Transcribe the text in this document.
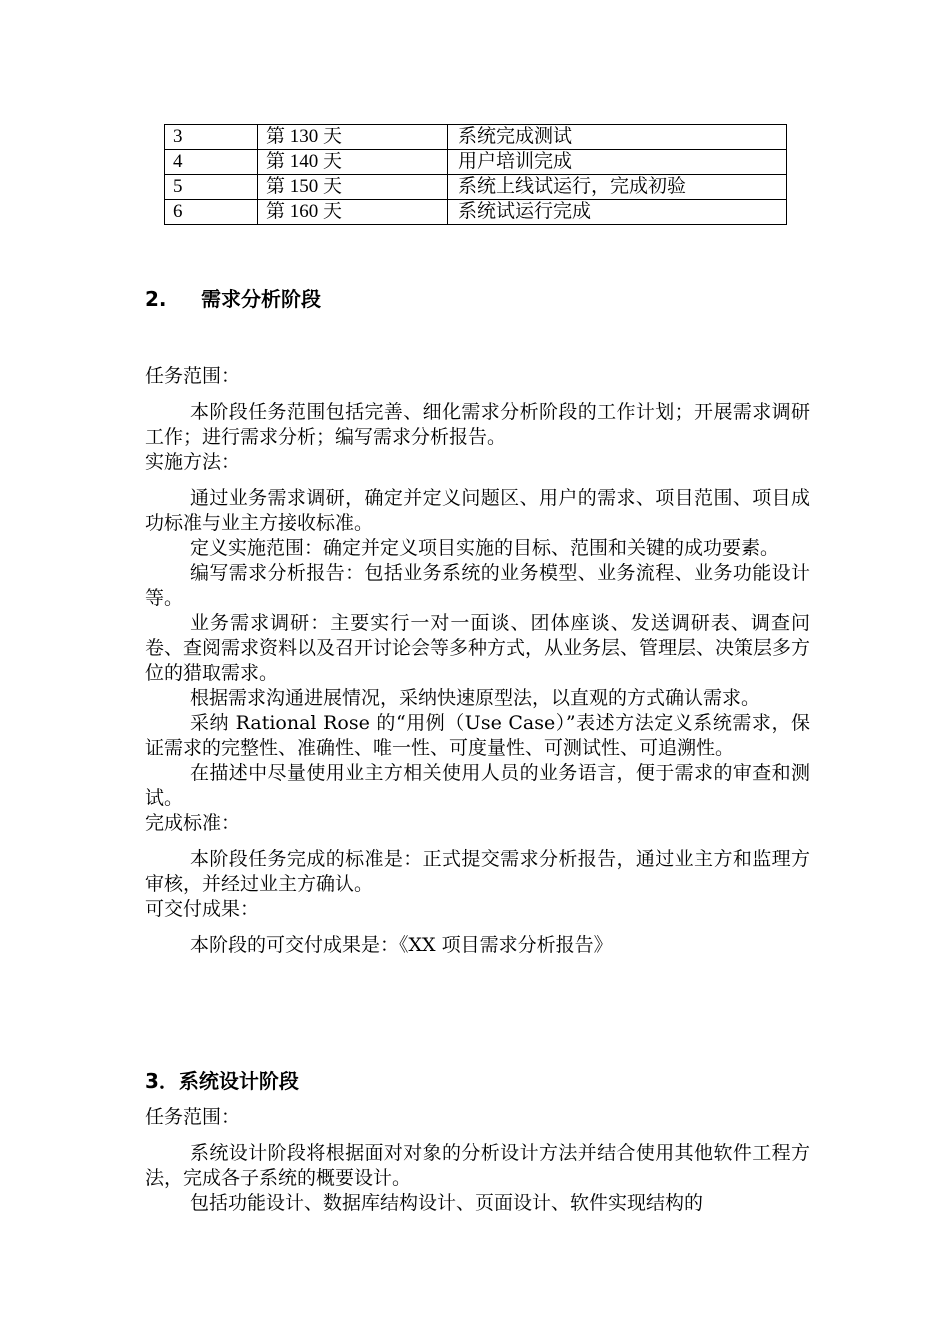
3	第 130 天	系统完成测试
4	第 140 天	用户培训完成
5	第 150 天	系统上线试运行，完成初验
6	第 160 天	系统试运行完成
2. 需求分析阶段

任务范围：

本阶段任务范围包括完善、细化需求分析阶段的工作计划；开展需求调研工作；进行需求分析；编写需求分析报告。

实施方法：

通过业务需求调研，确定并定义问题区、用户的需求、项目范围、项目成功标准与业主方接收标准。

定义实施范围：确定并定义项目实施的目标、范围和关键的成功要素。

编写需求分析报告：包括业务系统的业务模型、业务流程、业务功能设计等。

业务需求调研：主要实行一对一面谈、团体座谈、发送调研表、调查问卷、查阅需求资料以及召开讨论会等多种方式，从业务层、管理层、决策层多方位的猎取需求。

根据需求沟通进展情况，采纳快速原型法，以直观的方式确认需求。

采纳 Rational Rose 的“用例（Use Case）”表述方法定义系统需求，保证需求的完整性、准确性、唯一性、可度量性、可测试性、可追溯性。

在描述中尽量使用业主方相关使用人员的业务语言，便于需求的审查和测试。

完成标准：

本阶段任务完成的标准是：正式提交需求分析报告，通过业主方和监理方审核，并经过业主方确认。

可交付成果：

本阶段的可交付成果是：《XX 项目需求分析报告》

3．系统设计阶段

任务范围：

系统设计阶段将根据面对对象的分析设计方法并结合使用其他软件工程方法，完成各子系统的概要设计。

包括功能设计、数据库结构设计、页面设计、软件实现结构的
